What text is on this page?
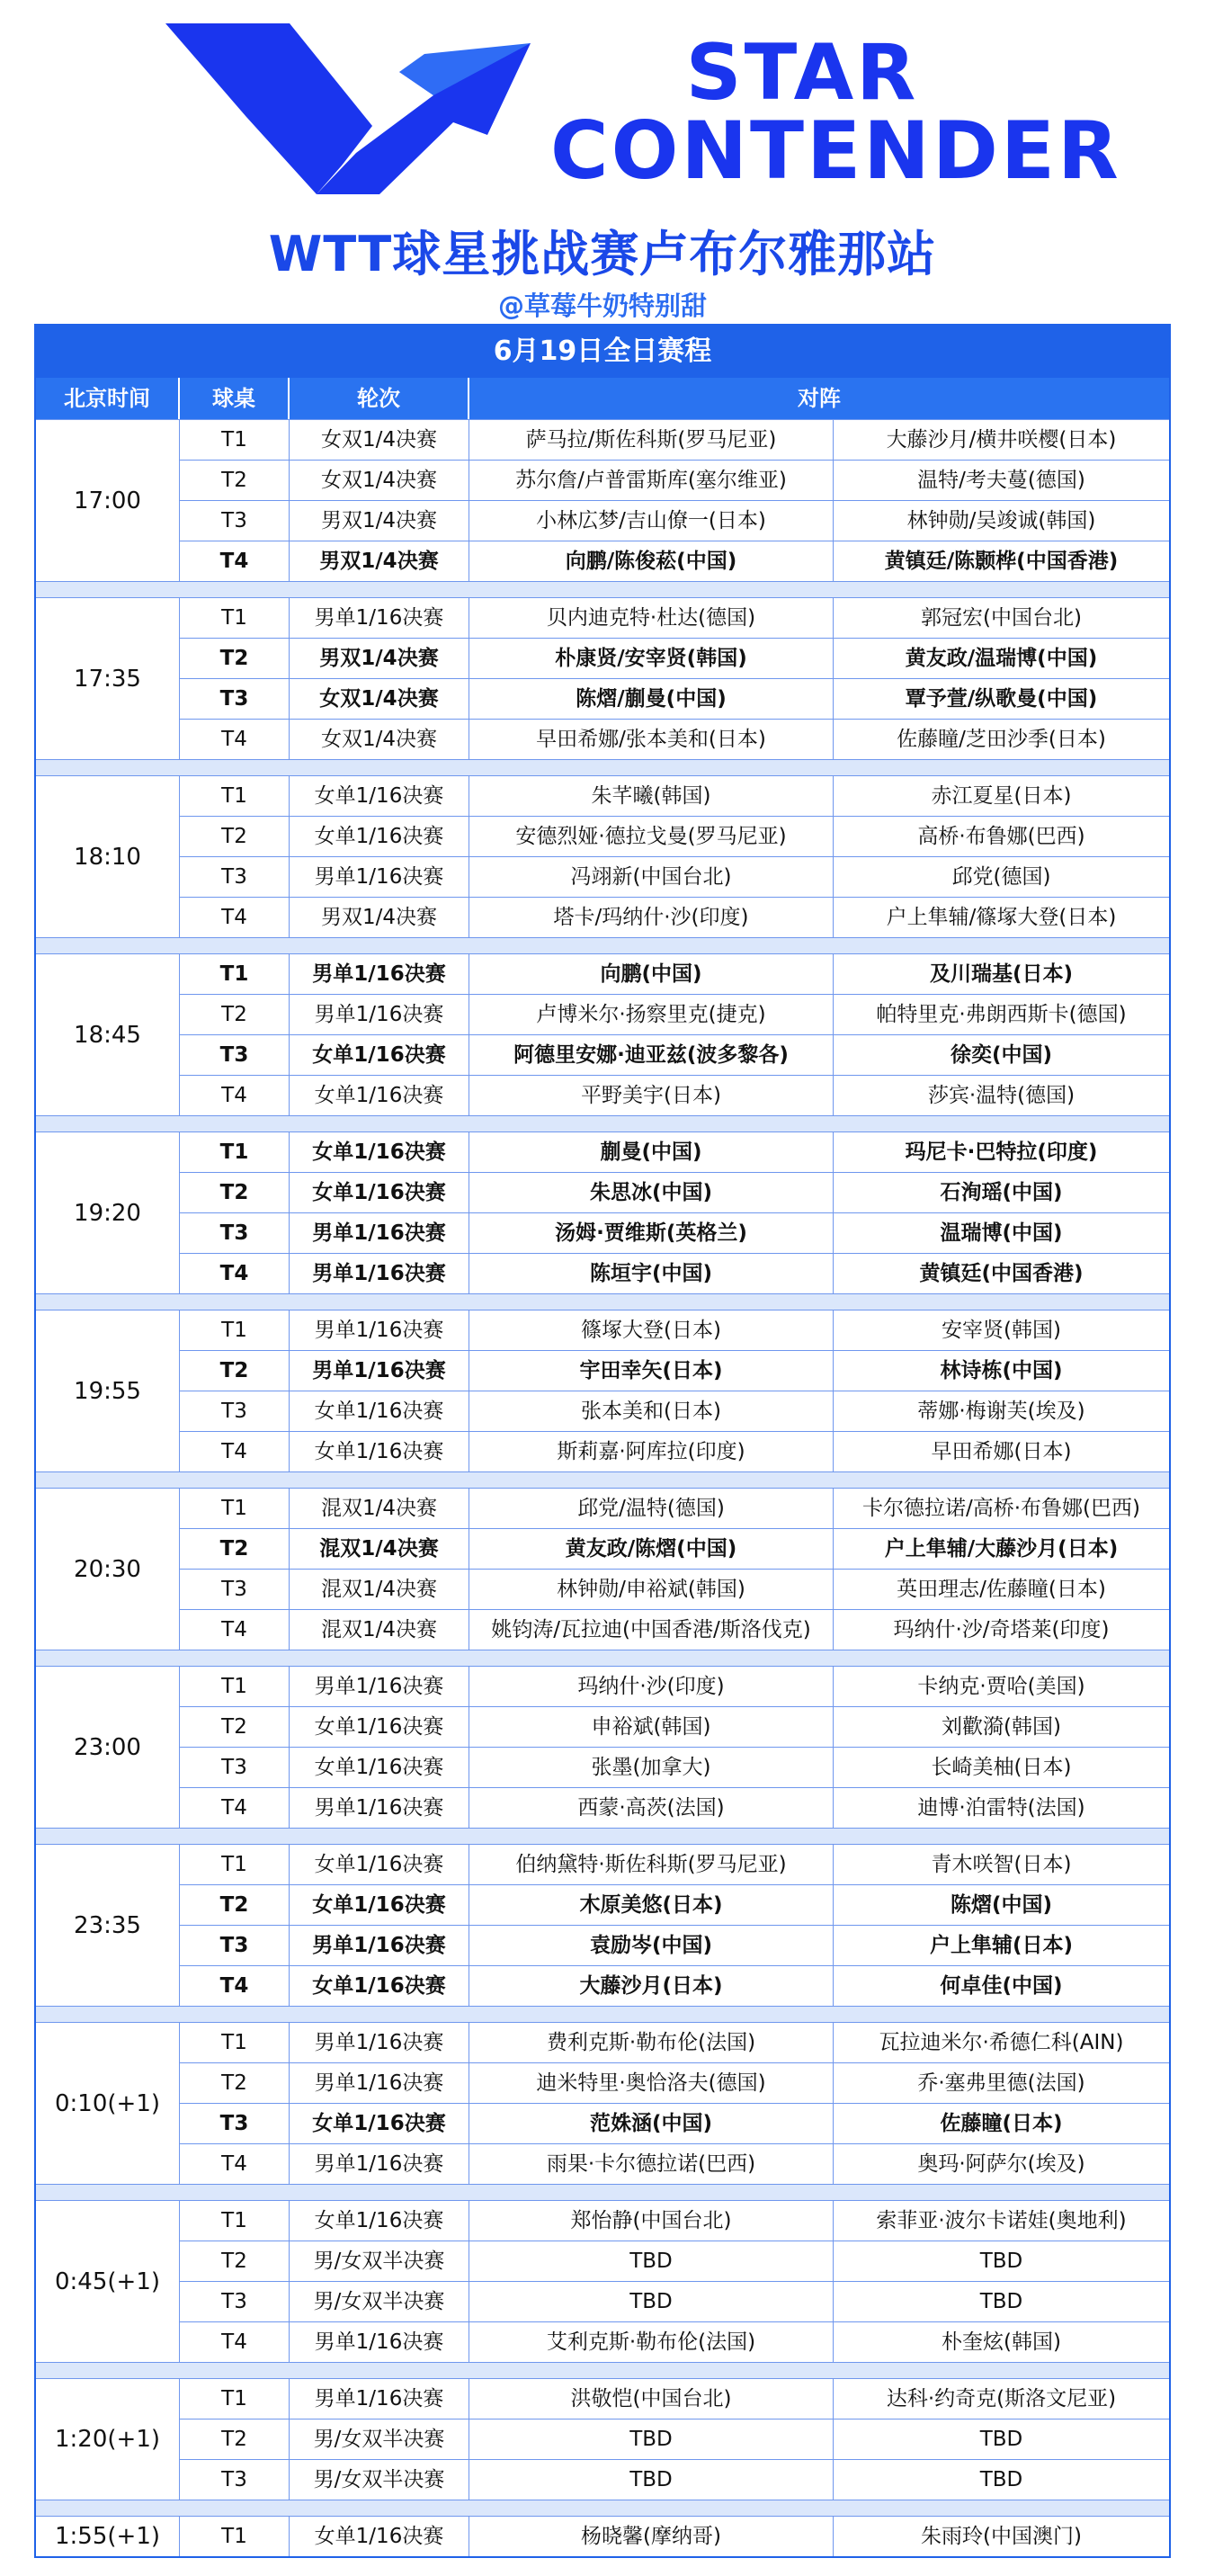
STAR
CONTENDER
WTT球星挑战赛卢布尔雅那站
@草莓牛奶特别甜
6月19日全日赛程
北京时间	球桌	轮次	对阵
17:00
T1	女双1/4决赛	萨马拉/斯佐科斯(罗马尼亚)	大藤沙月/横井咲樱(日本)
T2	女双1/4决赛	苏尔詹/卢普雷斯库(塞尔维亚)	温特/考夫蔓(德国)
T3	男双1/4决赛	小林広梦/吉山僚一(日本)	林钟勋/吴竣诚(韩国)
T4	男双1/4决赛	向鹏/陈俊菘(中国)	黄镇廷/陈颢桦(中国香港)
17:35
T1	男单1/16决赛	贝内迪克特·杜达(德国)	郭冠宏(中国台北)
T2	男双1/4决赛	朴康贤/安宰贤(韩国)	黄友政/温瑞博(中国)
T3	女双1/4决赛	陈熠/蒯曼(中国)	覃予萱/纵歌曼(中国)
T4	女双1/4决赛	早田希娜/张本美和(日本)	佐藤瞳/芝田沙季(日本)
18:10
T1	女单1/16决赛	朱芊曦(韩国)	赤江夏星(日本)
T2	女单1/16决赛	安德烈娅·德拉戈曼(罗马尼亚)	高桥·布鲁娜(巴西)
T3	男单1/16决赛	冯翊新(中国台北)	邱党(德国)
T4	男双1/4决赛	塔卡/玛纳什·沙(印度)	户上隼辅/篠塚大登(日本)
18:45
T1	男单1/16决赛	向鹏(中国)	及川瑞基(日本)
T2	男单1/16决赛	卢博米尔·扬察里克(捷克)	帕特里克·弗朗西斯卡(德国)
T3	女单1/16决赛	阿德里安娜·迪亚兹(波多黎各)	徐奕(中国)
T4	女单1/16决赛	平野美宇(日本)	莎宾·温特(德国)
19:20
T1	女单1/16决赛	蒯曼(中国)	玛尼卡·巴特拉(印度)
T2	女单1/16决赛	朱思冰(中国)	石洵瑶(中国)
T3	男单1/16决赛	汤姆·贾维斯(英格兰)	温瑞博(中国)
T4	男单1/16决赛	陈垣宇(中国)	黄镇廷(中国香港)
19:55
T1	男单1/16决赛	篠塚大登(日本)	安宰贤(韩国)
T2	男单1/16决赛	宇田幸矢(日本)	林诗栋(中国)
T3	女单1/16决赛	张本美和(日本)	蒂娜·梅谢芙(埃及)
T4	女单1/16决赛	斯莉嘉·阿库拉(印度)	早田希娜(日本)
20:30
T1	混双1/4决赛	邱党/温特(德国)	卡尔德拉诺/高桥·布鲁娜(巴西)
T2	混双1/4决赛	黄友政/陈熠(中国)	户上隼辅/大藤沙月(日本)
T3	混双1/4决赛	林钟勋/申裕斌(韩国)	英田理志/佐藤瞳(日本)
T4	混双1/4决赛	姚钧涛/瓦拉迪(中国香港/斯洛伐克)	玛纳什·沙/奇塔莱(印度)
23:00
T1	男单1/16决赛	玛纳什·沙(印度)	卡纳克·贾哈(美国)
T2	女单1/16决赛	申裕斌(韩国)	刘歡漪(韩国)
T3	女单1/16决赛	张墨(加拿大)	长崎美柚(日本)
T4	男单1/16决赛	西蒙·高茨(法国)	迪博·泊雷特(法国)
23:35
T1	女单1/16决赛	伯纳黛特·斯佐科斯(罗马尼亚)	青木咲智(日本)
T2	女单1/16决赛	木原美悠(日本)	陈熠(中国)
T3	男单1/16决赛	袁励岑(中国)	户上隼辅(日本)
T4	女单1/16决赛	大藤沙月(日本)	何卓佳(中国)
0:10(+1)
T1	男单1/16决赛	费利克斯·勒布伦(法国)	瓦拉迪米尔·希德仁科(AIN)
T2	男单1/16决赛	迪米特里·奥恰洛夫(德国)	乔·塞弗里德(法国)
T3	女单1/16决赛	范姝涵(中国)	佐藤瞳(日本)
T4	男单1/16决赛	雨果·卡尔德拉诺(巴西)	奥玛·阿萨尔(埃及)
0:45(+1)
T1	女单1/16决赛	郑怡静(中国台北)	索菲亚·波尔卡诺娃(奥地利)
T2	男/女双半决赛	TBD	TBD
T3	男/女双半决赛	TBD	TBD
T4	男单1/16决赛	艾利克斯·勒布伦(法国)	朴奎炫(韩国)
1:20(+1)
T1	男单1/16决赛	洪敬恺(中国台北)	达科·约奇克(斯洛文尼亚)
T2	男/女双半决赛	TBD	TBD
T3	男/女双半决赛	TBD	TBD
1:55(+1)	T1	女单1/16决赛	杨晓馨(摩纳哥)	朱雨玲(中国澳门)
